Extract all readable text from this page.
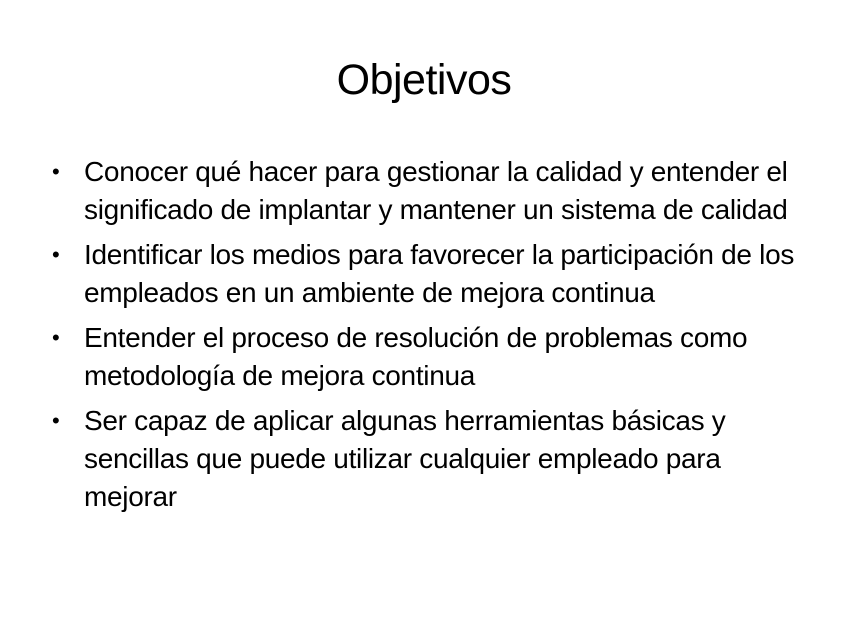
Objetivos
• Conocer qué hacer para gestionar la calidad y entender el significado de implantar y mantener un sistema de calidad
• Identificar los medios para favorecer la participación de los empleados en un ambiente de mejora continua
• Entender el proceso de resolución de problemas como metodología de mejora continua
• Ser capaz de aplicar algunas herramientas básicas y sencillas que puede utilizar cualquier empleado para mejorar
